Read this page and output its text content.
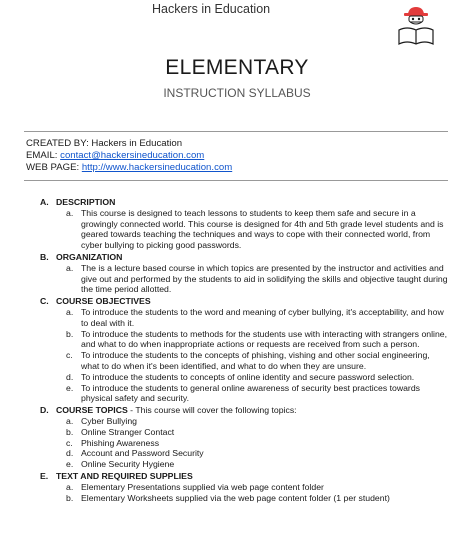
Hackers in Education
ELEMENTARY
INSTRUCTION SYLLABUS
CREATED BY: Hackers in Education
EMAIL: contact@hackersineducation.com
WEB PAGE: http://www.hackersineducation.com
A. DESCRIPTION
a. This course is designed to teach lessons to students to keep them safe and secure in a growingly connected world. This course is designed for 4th and 5th grade level students and is geared towards teaching the techniques and ways to cope with their connected world, from cyber bullying to picking good passwords.
B. ORGANIZATION
a. The is a lecture based course in which topics are presented by the instructor and activities and give out and performed by the students to aid in solidifying the skills and objective taught during the time period allotted.
C. COURSE OBJECTIVES
a. To introduce the students to the word and meaning of cyber bullying, it's acceptability, and how to deal with it.
b. To introduce the students to methods for the students use with interacting with strangers online, and what to do when inappropriate actions or requests are received from such a person.
c. To introduce the students to the concepts of phishing, vishing and other social engineering, what to do when it's been identified, and what to do when they are unsure.
d. To introduce the students to concepts of online identity and secure password selection.
e. To introduce the students to general online awareness of security best practices towards physical safety and security.
D. COURSE TOPICS - This course will cover the following topics:
a. Cyber Bullying
b. Online Stranger Contact
c. Phishing Awareness
d. Account and Password Security
e. Online Security Hygiene
E. TEXT AND REQUIRED SUPPLIES
a. Elementary Presentations supplied via web page content folder
b. Elementary Worksheets supplied via the web page content folder (1 per student)
